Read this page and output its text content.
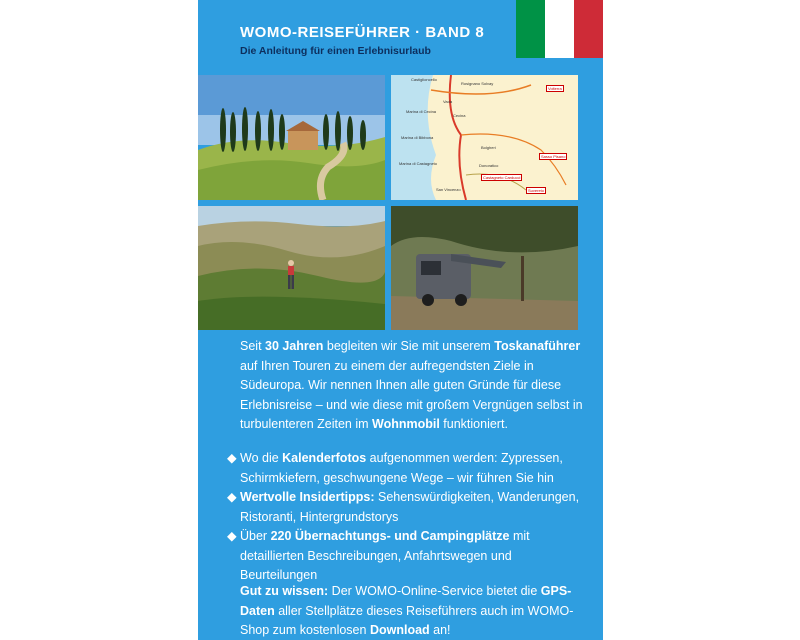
WOMO-REISEFÜHRER · BAND 8
Die Anleitung für einen Erlebnisurlaub
Castiglioncello
Rosignano Solvay
Vada
Marina di Cecina
Cecina
Volterra
Marina di Bibbona
Bolgheri
Marina di Castagneto	Donoratico
Castagneto Carducci
San Vincenzo
Sasso Pisano
Suvereto
Seit 30 Jahren begleiten wir Sie mit unserem Toskanaführer auf Ihren Touren zu einem der aufregendsten Ziele in Südeuropa. Wir nennen Ihnen alle guten Gründe für diese Erlebnisreise – und wie diese mit großem Vergnügen selbst in turbulenteren Zeiten im Wohnmobil funktioniert.
◆ Wo die Kalenderfotos aufgenommen werden: Zypressen, Schirmkiefern, geschwungene Wege – wir führen Sie hin
◆ Wertvolle Insidertipps: Sehenswürdigkeiten, Wanderungen, Ristoranti, Hintergrundstorys
◆ Über 220 Übernachtungs- und Campingplätze mit detaillierten Beschreibungen, Anfahrtswegen und Beurteilungen
Gut zu wissen: Der WOMO-Online-Service bietet die GPS-Daten aller Stellplätze dieses Reiseführers auch im WOMO-Shop zum kostenlosen Download an!
